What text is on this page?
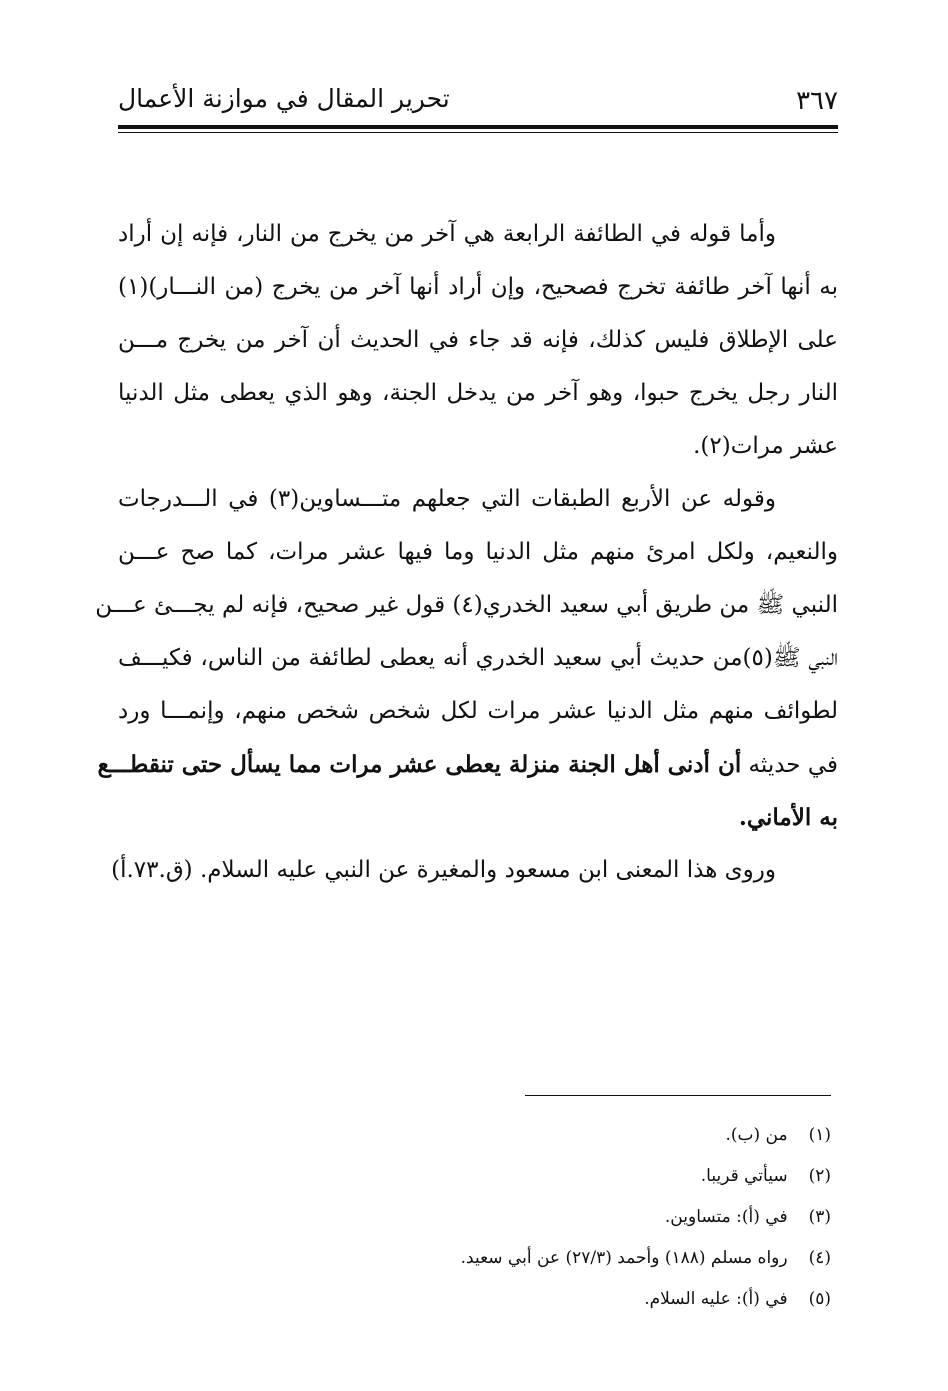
٣٦٧
تحرير المقال في موازنة الأعمال
وأما قوله في الطائفة الرابعة هي آخر من يخرج من النار، فإنه إن أراد
به أنها آخر طائفة تخرج فصحيح، وإن أراد أنها آخر من يخرج (من النـــار)(١)
على الإطلاق فليس كذلك، فإنه قد جاء في الحديث أن آخر من يخرج مـــن
النار رجل يخرج حبوا، وهو آخر من يدخل الجنة، وهو الذي يعطى مثل الدنيا
عشر مرات(٢).
وقوله عن الأربع الطبقات التي جعلهم متـــساوين(٣) في الـــدرجات
والنعيم، ولكل امرئ منهم مثل الدنيا وما فيها عشر مرات، كما صح عـــن
النبي ﷺ من طريق أبي سعيد الخدري(٤) قول غير صحيح، فإنه لم يجـــئ عـــن
النبي ﷺ(٥)من حديث أبي سعيد الخدري أنه يعطى لطائفة من الناس، فكيـــف
لطوائف منهم مثل الدنيا عشر مرات لكل شخص شخص منهم، وإنمـــا ورد
في حديثه أن أدنى أهل الجنة منزلة يعطى عشر مرات مما يسأل حتى تنقطـــع
به الأماني.
وروى هذا المعنى ابن مسعود والمغيرة عن النبي عليه السلام. (ق.٧٣.أ)
(١) من (ب).
(٢) سيأتي قريبا.
(٣) في (أ): متساوين.
(٤) رواه مسلم (١٨٨) وأحمد (٢٧/٣) عن أبي سعيد.
(٥) في (أ): عليه السلام.
